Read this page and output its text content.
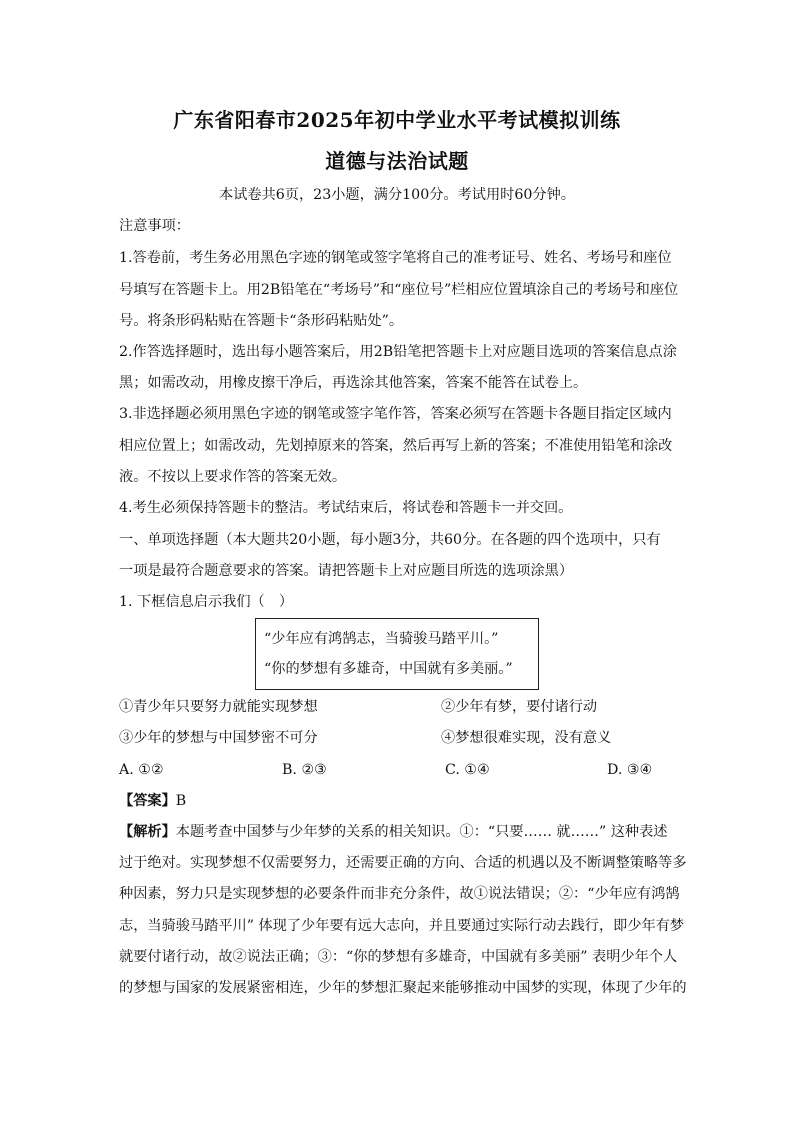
广东省阳春市2025年初中学业水平考试模拟训练
道德与法治试题
本试卷共6页，23小题，满分100分。考试用时60分钟。
注意事项：
1.答卷前，考生务必用黑色字迹的钢笔或签字笔将自己的准考证号、姓名、考场号和座位
号填写在答题卡上。用2B铅笔在“考场号”和“座位号”栏相应位置填涂自己的考场号和座位
号。将条形码粘贴在答题卡“条形码粘贴处”。
2.作答选择题时，选出每小题答案后，用2B铅笔把答题卡上对应题目选项的答案信息点涂
黑；如需改动，用橡皮擦干净后，再选涂其他答案，答案不能答在试卷上。
3.非选择题必须用黑色字迹的钢笔或签字笔作答，答案必须写在答题卡各题目指定区域内
相应位置上；如需改动，先划掉原来的答案，然后再写上新的答案；不准使用铅笔和涂改
液。不按以上要求作答的答案无效。
4.考生必须保持答题卡的整洁。考试结束后，将试卷和答题卡一并交回。
一、单项选择题（本大题共20小题，每小题3分，共60分。在各题的四个选项中，只有
一项是最符合题意要求的答案。请把答题卡上对应题目所选的选项涂黑）
1. 下框信息启示我们（　）
“少年应有鸿鹄志，当骑骏马踏平川。”
“你的梦想有多雄奇，中国就有多美丽。”
①青少年只要努力就能实现梦想	②少年有梦，要付诸行动
③少年的梦想与中国梦密不可分	④梦想很难实现，没有意义
A. ①②	B. ②③	C. ①④	D. ③④
【答案】B
【解析】本题考查中国梦与少年梦的关系的相关知识。①：“只要…… 就……” 这种表述
过于绝对。实现梦想不仅需要努力，还需要正确的方向、合适的机遇以及不断调整策略等多
种因素，努力只是实现梦想的必要条件而非充分条件，故①说法错误；②：“少年应有鸿鹄
志，当骑骏马踏平川” 体现了少年要有远大志向，并且要通过实际行动去践行，即少年有梦
就要付诸行动，故②说法正确；③：“你的梦想有多雄奇，中国就有多美丽” 表明少年个人
的梦想与国家的发展紧密相连，少年的梦想汇聚起来能够推动中国梦的实现，体现了少年的
